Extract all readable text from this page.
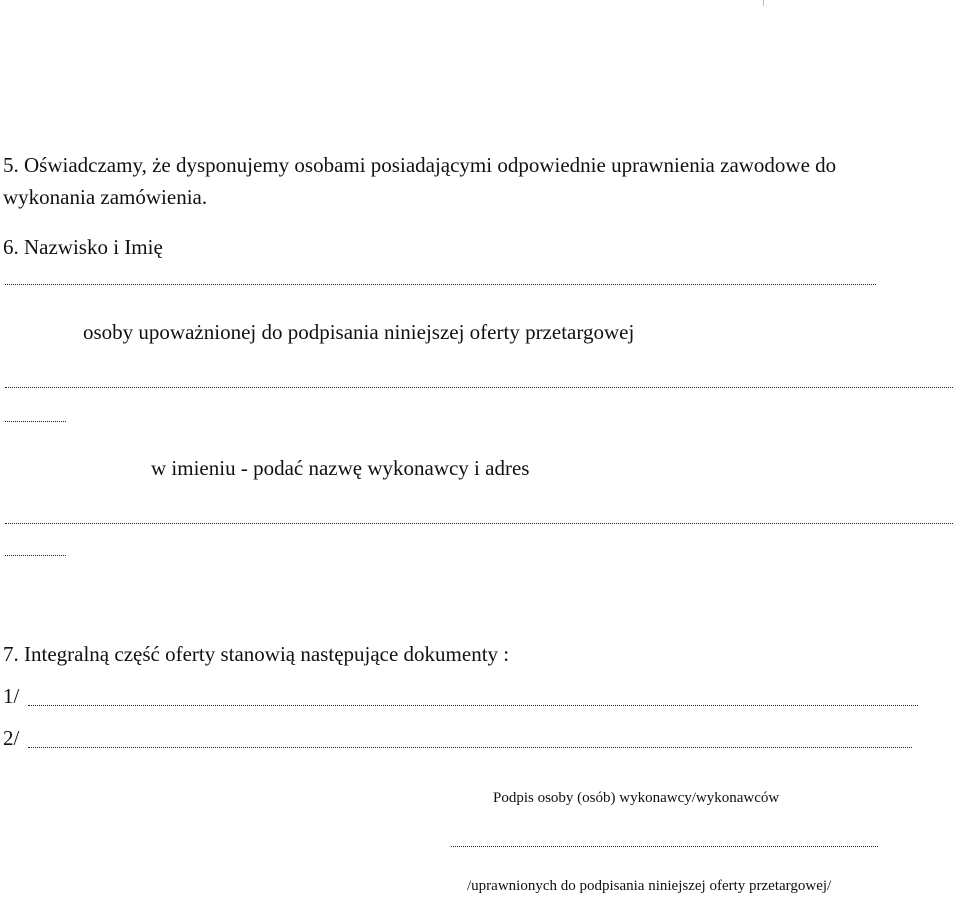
5. Oświadczamy, że dysponujemy osobami posiadającymi odpowiednie uprawnienia zawodowe do

wykonania zamówienia.

6. Nazwisko i Imię

osoby upoważnionej do podpisania niniejszej oferty przetargowej

w imieniu - podać nazwę wykonawcy i adres

7. Integralną część oferty stanowią następujące dokumenty :

1/

2/

Podpis osoby (osób) wykonawcy/wykonawców

/uprawnionych do podpisania niniejszej oferty przetargowej/
